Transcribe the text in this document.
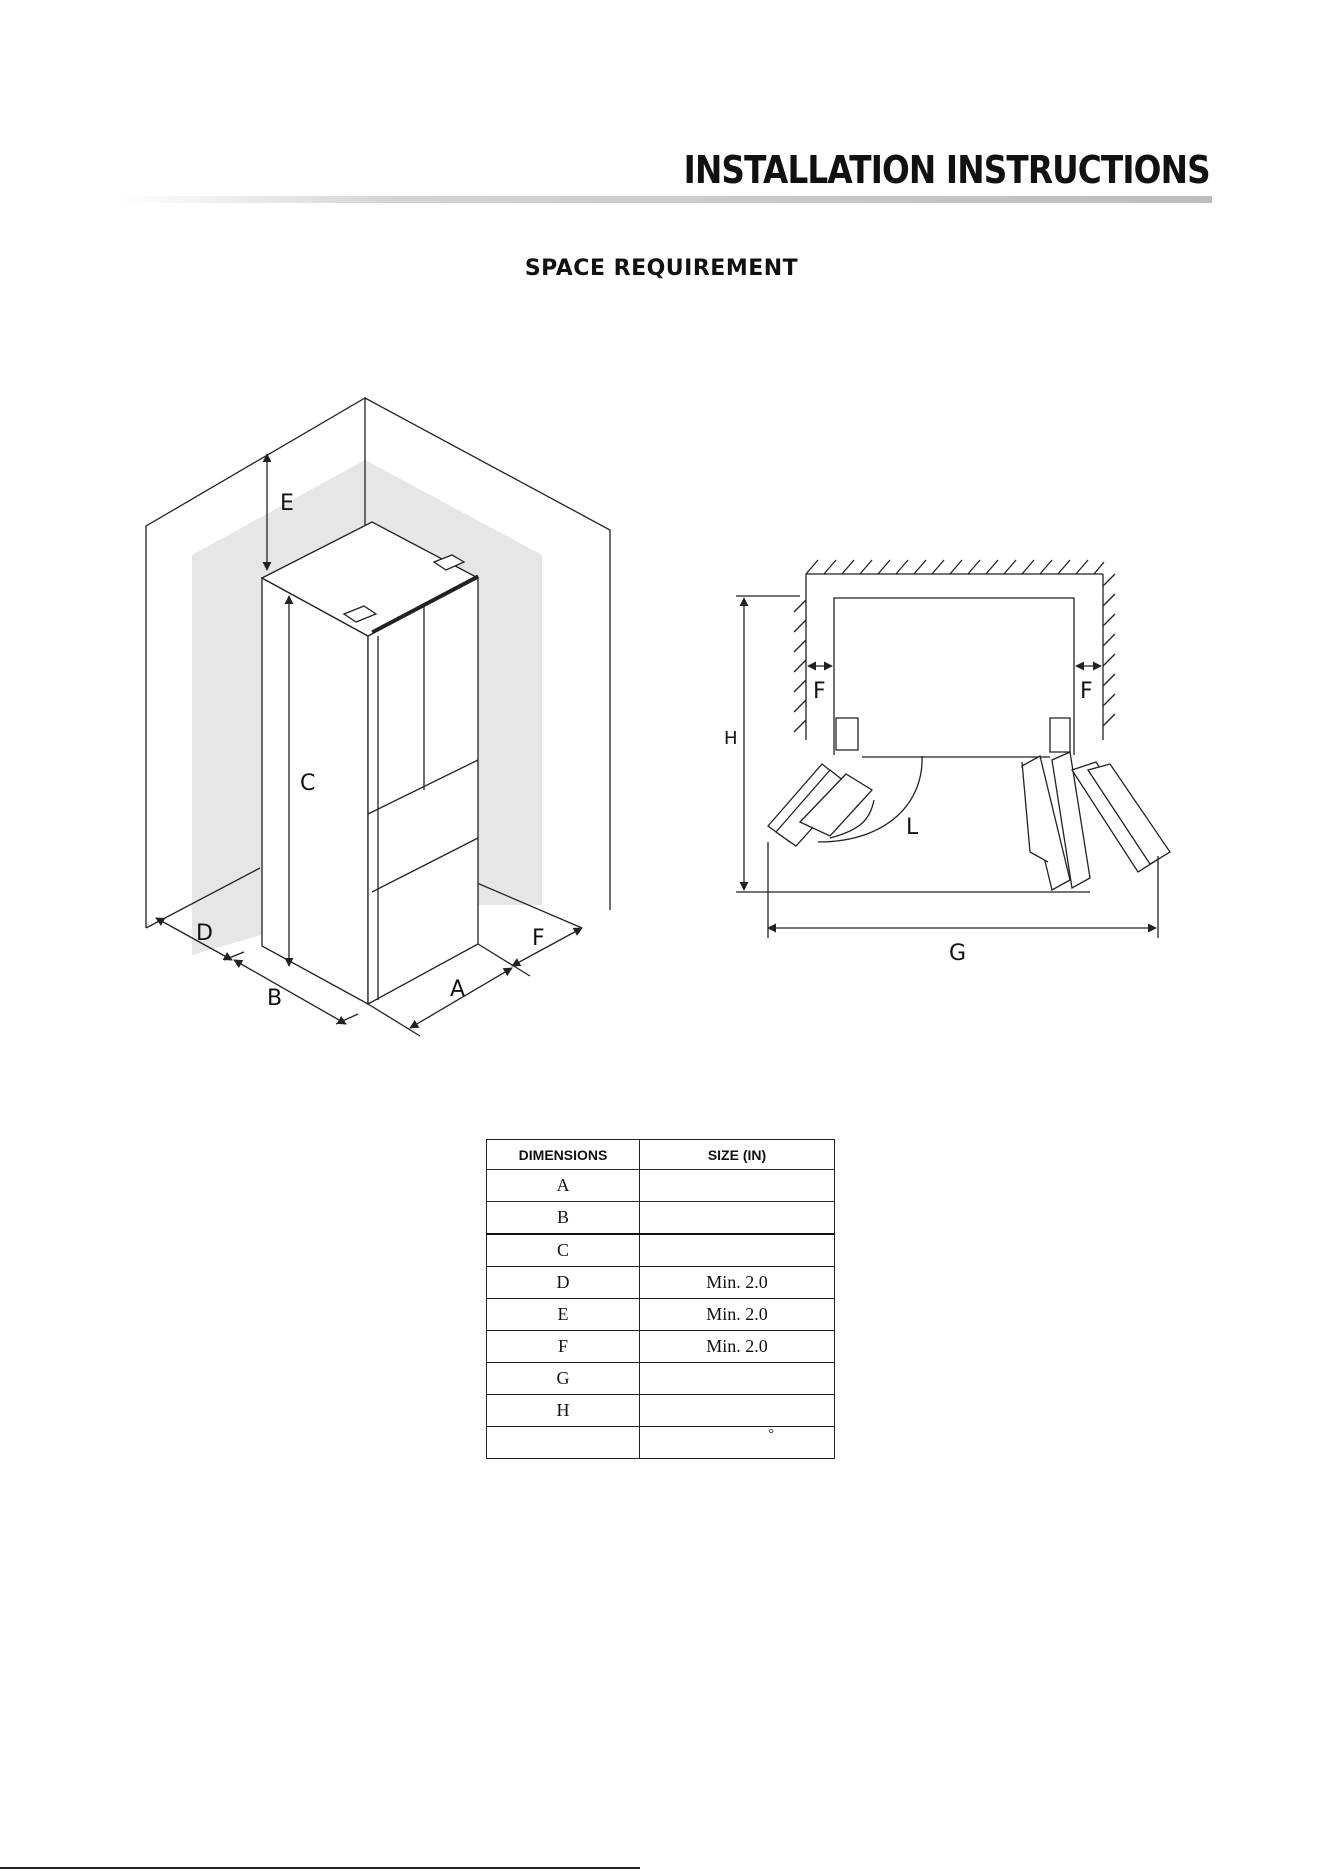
INSTALLATION INSTRUCTIONS
SPACE REQUIREMENT
E
C
D
B	A
F
F	F
H
L
G
DIMENSIONS	SIZE (IN)
A	
B	
C	
D	Min. 2.0
E	Min. 2.0
F	Min. 2.0
G	
H	
	°
